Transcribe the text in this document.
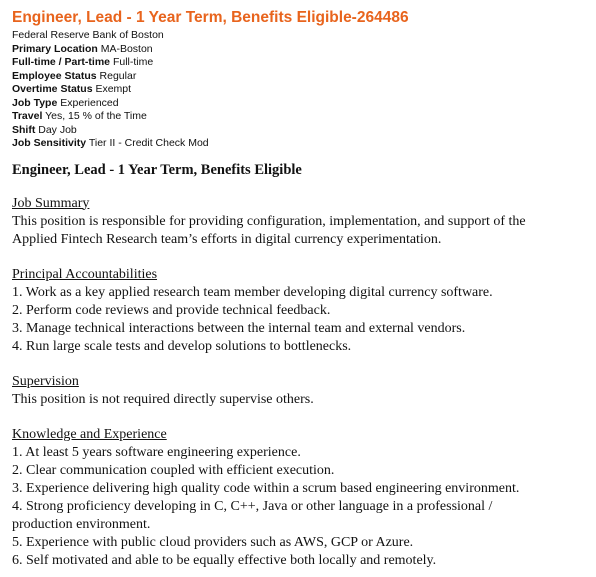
Engineer, Lead - 1 Year Term, Benefits Eligible-264486
Federal Reserve Bank of Boston
Primary Location MA-Boston
Full-time / Part-time Full-time
Employee Status Regular
Overtime Status Exempt
Job Type Experienced
Travel Yes, 15 % of the Time
Shift Day Job
Job Sensitivity Tier II - Credit Check Mod
Engineer, Lead - 1 Year Term, Benefits Eligible
Job Summary
This position is responsible for providing configuration, implementation, and support of the
Applied Fintech Research team’s efforts in digital currency experimentation.
Principal Accountabilities
1. Work as a key applied research team member developing digital currency software.
2. Perform code reviews and provide technical feedback.
3. Manage technical interactions between the internal team and external vendors.
4. Run large scale tests and develop solutions to bottlenecks.
Supervision
This position is not required directly supervise others.
Knowledge and Experience
1. At least 5 years software engineering experience.
2. Clear communication coupled with efficient execution.
3. Experience delivering high quality code within a scrum based engineering environment.
4. Strong proficiency developing in C, C++, Java or other language in a professional /
production environment.
5. Experience with public cloud providers such as AWS, GCP or Azure.
6. Self motivated and able to be equally effective both locally and remotely.
